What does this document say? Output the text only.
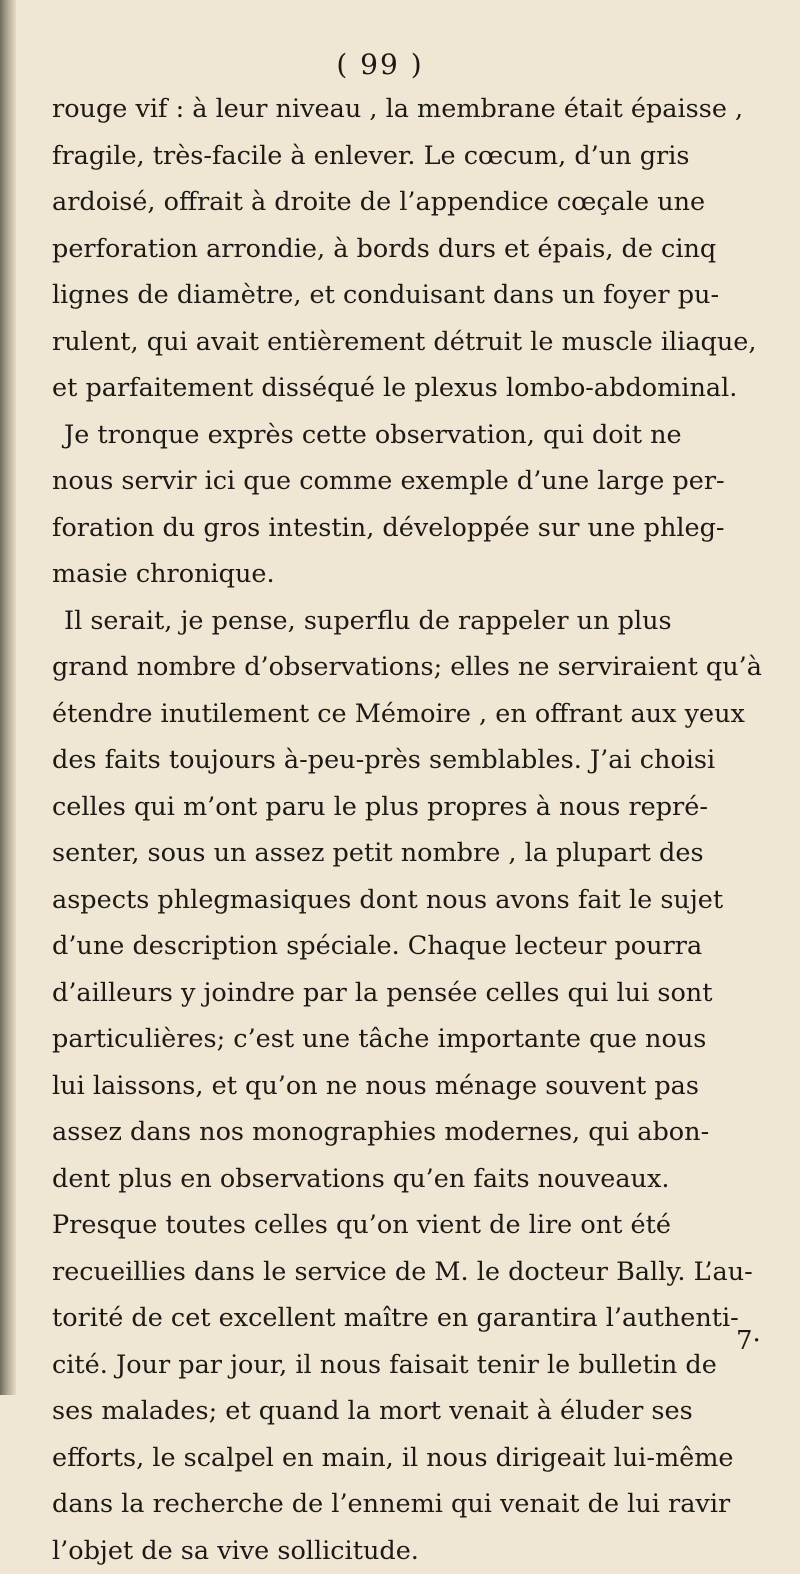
( 99 )
rouge vif : à leur niveau , la membrane était épaisse ,
fragile, très-facile à enlever. Le cœcum, d’un gris
ardoisé, offrait à droite de l’appendice cœçale une
perforation arrondie, à bords durs et épais, de cinq
lignes de diamètre, et conduisant dans un foyer pu-
rulent, qui avait entièrement détruit le muscle iliaque,
et parfaitement disséqué le plexus lombo-abdominal.
Je tronque exprès cette observation, qui doit ne
nous servir ici que comme exemple d’une large per-
foration du gros intestin, développée sur une phleg-
masie chronique.
Il serait, je pense, superflu de rappeler un plus
grand nombre d’observations; elles ne serviraient qu’à
étendre inutilement ce Mémoire , en offrant aux yeux
des faits toujours à-peu-près semblables. J’ai choisi
celles qui m’ont paru le plus propres à nous repré-
senter, sous un assez petit nombre , la plupart des
aspects phlegmasiques dont nous avons fait le sujet
d’une description spéciale. Chaque lecteur pourra
d’ailleurs y joindre par la pensée celles qui lui sont
particulières; c’est une tâche importante que nous
lui laissons, et qu’on ne nous ménage souvent pas
assez dans nos monographies modernes, qui abon-
dent plus en observations qu’en faits nouveaux.
Presque toutes celles qu’on vient de lire ont été
recueillies dans le service de M. le docteur Bally. L’au-
torité de cet excellent maître en garantira l’authenti-
cité. Jour par jour, il nous faisait tenir le bulletin de
ses malades; et quand la mort venait à éluder ses
efforts, le scalpel en main, il nous dirigeait lui-même
dans la recherche de l’ennemi qui venait de lui ravir
l’objet de sa vive sollicitude.
7·
